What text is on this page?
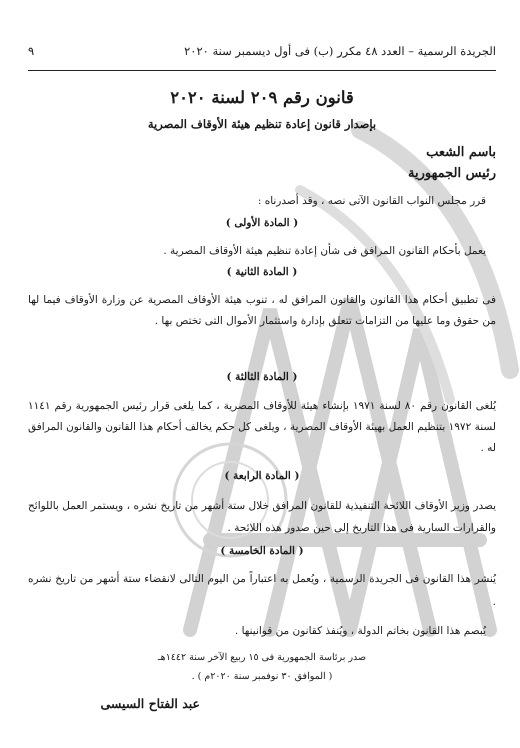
الجريدة الرسمية – العدد ٤٨ مكرر (ب) فى أول ديسمبر سنة ٢٠٢٠
٩
قانون رقم ٢٠٩ لسنة ٢٠٢٠
بإصدار قانون إعادة تنظيم هيئة الأوقاف المصرية
باسم الشعب
رئيس الجمهورية
قرر مجلس النواب القانون الآتى نصه ، وقد أصدرناه :
( المادة الأولى )
يعمل بأحكام القانون المرافق فى شأن إعادة تنظيم هيئة الأوقاف المصرية .
( المادة الثانية )
فى تطبيق أحكام هذا القانون والقانون المرافق له ، تنوب هيئة الأوقاف المصرية عن وزارة الأوقاف فيما لها من حقوق وما عليها من التزامات تتعلق بإدارة واستثمار الأموال التى تختص بها .
( المادة الثالثة )
يُلغى القانون رقم ٨٠ لسنة ١٩٧١ بإنشاء هيئة للأوقاف المصرية ، كما يلغى قرار رئيس الجمهورية رقم ١١٤١ لسنة ١٩٧٢ بتنظيم العمل بهيئة الأوقاف المصرية ، ويلغى كل حكم يخالف أحكام هذا القانون والقانون المرافق له .
( المادة الرابعة )
يصدر وزير الأوقاف اللائحة التنفيذية للقانون المرافق خلال ستة أشهر من تاريخ نشره ، ويستمر العمل باللوائح والقرارات السارية فى هذا التاريخ إلى حين صدور هذه اللائحة .
( المادة الخامسة )
يُنشر هذا القانون فى الجريدة الرسمية ، ويُعمل به اعتباراً من اليوم التالى لانقضاء ستة أشهر من تاريخ نشره .
يُبصم هذا القانون بخاتم الدولة ، ويُنفذ كقانون من قوانينها .
صدر برئاسة الجمهورية فى ١٥ ربيع الآخر سنة ١٤٤٢هـ
( الموافق ٣٠ نوفمبر سنة ٢٠٢٠م ) .
عبد الفتاح السيسى
